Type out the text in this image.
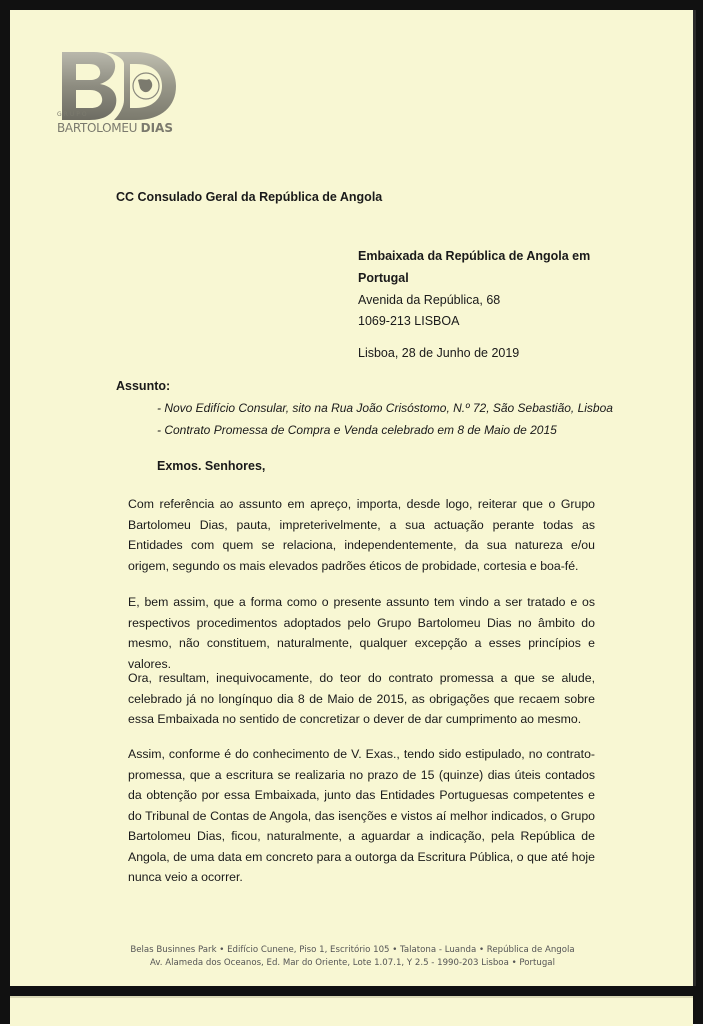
GRUPO
BARTOLOMEU DIAS
CC Consulado Geral da República de Angola
Embaixada da República de Angola em
Portugal
Avenida da República, 68
1069-213 LISBOA
Lisboa, 28 de Junho de 2019
Assunto:
- Novo Edifício Consular, sito na Rua João Crisóstomo, N.º 72, São Sebastião, Lisboa
- Contrato Promessa de Compra e Venda celebrado em 8 de Maio de 2015
Exmos. Senhores,
Com referência ao assunto em apreço, importa, desde logo, reiterar que o Grupo Bartolomeu Dias, pauta, impreterivelmente, a sua actuação perante todas as Entidades com quem se relaciona, independentemente, da sua natureza e/ou origem, segundo os mais elevados padrões éticos de probidade, cortesia e boa-fé.
E, bem assim, que a forma como o presente assunto tem vindo a ser tratado e os respectivos procedimentos adoptados pelo Grupo Bartolomeu Dias no âmbito do mesmo, não constituem, naturalmente, qualquer excepção a esses princípios e valores.
Ora, resultam, inequivocamente, do teor do contrato promessa a que se alude, celebrado já no longínquo dia 8 de Maio de 2015, as obrigações que recaem sobre essa Embaixada no sentido de concretizar o dever de dar cumprimento ao mesmo.
Assim, conforme é do conhecimento de V. Exas., tendo sido estipulado, no contrato-promessa, que a escritura se realizaria no prazo de 15 (quinze) dias úteis contados da obtenção por essa Embaixada, junto das Entidades Portuguesas competentes e do Tribunal de Contas de Angola, das isenções e vistos aí melhor indicados, o Grupo Bartolomeu Dias, ficou, naturalmente, a aguardar a indicação, pela República de Angola, de uma data em concreto para a outorga da Escritura Pública, o que até hoje nunca veio a ocorrer.
Belas Businnes Park • Edifício Cunene, Piso 1, Escritório 105 • Talatona - Luanda • República de Angola
Av. Alameda dos Oceanos, Ed. Mar do Oriente, Lote 1.07.1, Y 2.5 - 1990-203 Lisboa • Portugal
